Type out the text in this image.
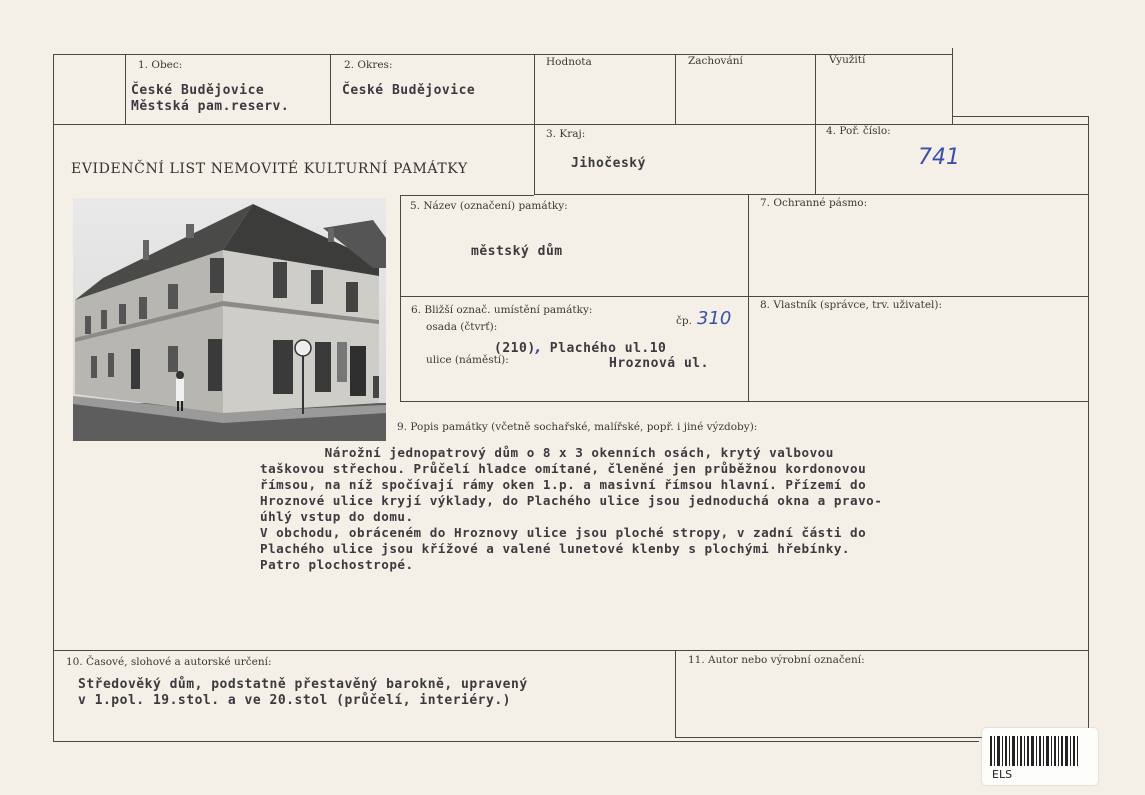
1. Obec:
České Budějovice
Městská pam.reserv.
2. Okres:
České Budějovice
Hodnota	Zachování	Využití
EVIDENČNÍ LIST NEMOVITÉ KULTURNÍ PAMÁTKY
3. Kraj:
Jihočeský
4. Poř. číslo:
741
5. Název (označení) památky:
městský dům
7. Ochranné pásmo:
6. Bližší označ. umístění památky:
osada (čtvrť):	čp. 310
(210), Plachého ul.10
ulice (náměstí):	Hroznová ul.
8. Vlastník (správce, trv. uživatel):
9. Popis památky (včetně sochařské, malířské, popř. i jiné výzdoby):
Nárožní jednopatrový dům o 8 x 3 okenních osách, krytý valbovou
taškovou střechou. Průčelí hladce omítané, členěné jen průběžnou kordonovou
římsou, na níž spočívají rámy oken 1.p. a masivní římsou hlavní. Přízemí do
Hroznové ulice kryjí výklady, do Plachého ulice jsou jednoduchá okna a pravo-
úhlý vstup do domu.
V obchodu, obráceném do Hroznovy ulice jsou ploché stropy, v zadní části do
Plachého ulice jsou křížové a valené lunetové klenby s plochými hřebínky.
Patro plochostropé.
10. Časové, slohové a autorské určení:
Středověký dům, podstatně přestavěný barokně, upravený
v 1.pol. 19.stol. a ve 20.stol (průčelí, interiéry.)
11. Autor nebo výrobní označení:
ELS
